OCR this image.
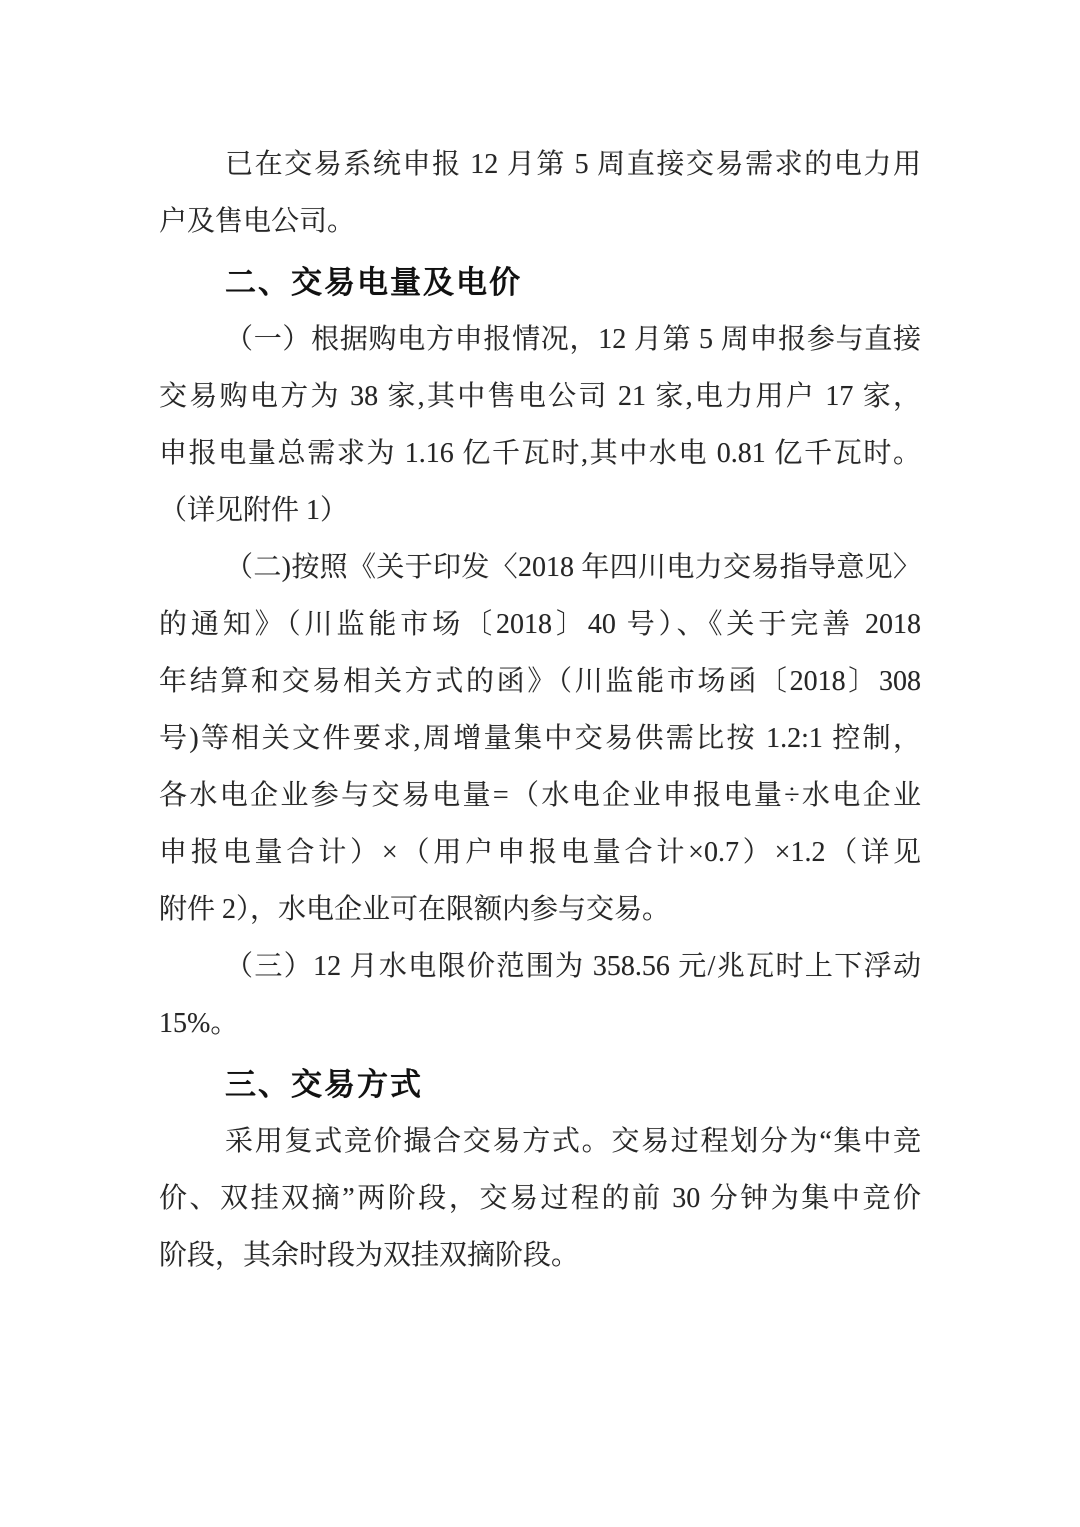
已在交易系统申报 12 月第 5 周直接交易需求的电力用
户及售电公司。
二、交易电量及电价
（一）根据购电方申报情况，12 月第 5 周申报参与直接
交易购电方为 38 家,其中售电公司 21 家,电力用户 17 家，
申报电量总需求为 1.16 亿千瓦时,其中水电 0.81 亿千瓦时。
（详见附件 1）
（二)按照《关于印发〈2018 年四川电力交易指导意见〉
的通知》（川监能市场〔2018〕40 号）、《关于完善 2018
年结算和交易相关方式的函》（川监能市场函〔2018〕308
号)等相关文件要求,周增量集中交易供需比按 1.2:1 控制，
各水电企业参与交易电量=（水电企业申报电量÷水电企业
申报电量合计）×（用户申报电量合计×0.7）×1.2（详见
附件 2），水电企业可在限额内参与交易。
（三）12 月水电限价范围为 358.56 元/兆瓦时上下浮动
15%。
三、交易方式
采用复式竞价撮合交易方式。交易过程划分为“集中竞
价、双挂双摘”两阶段，交易过程的前 30 分钟为集中竞价
阶段，其余时段为双挂双摘阶段。
